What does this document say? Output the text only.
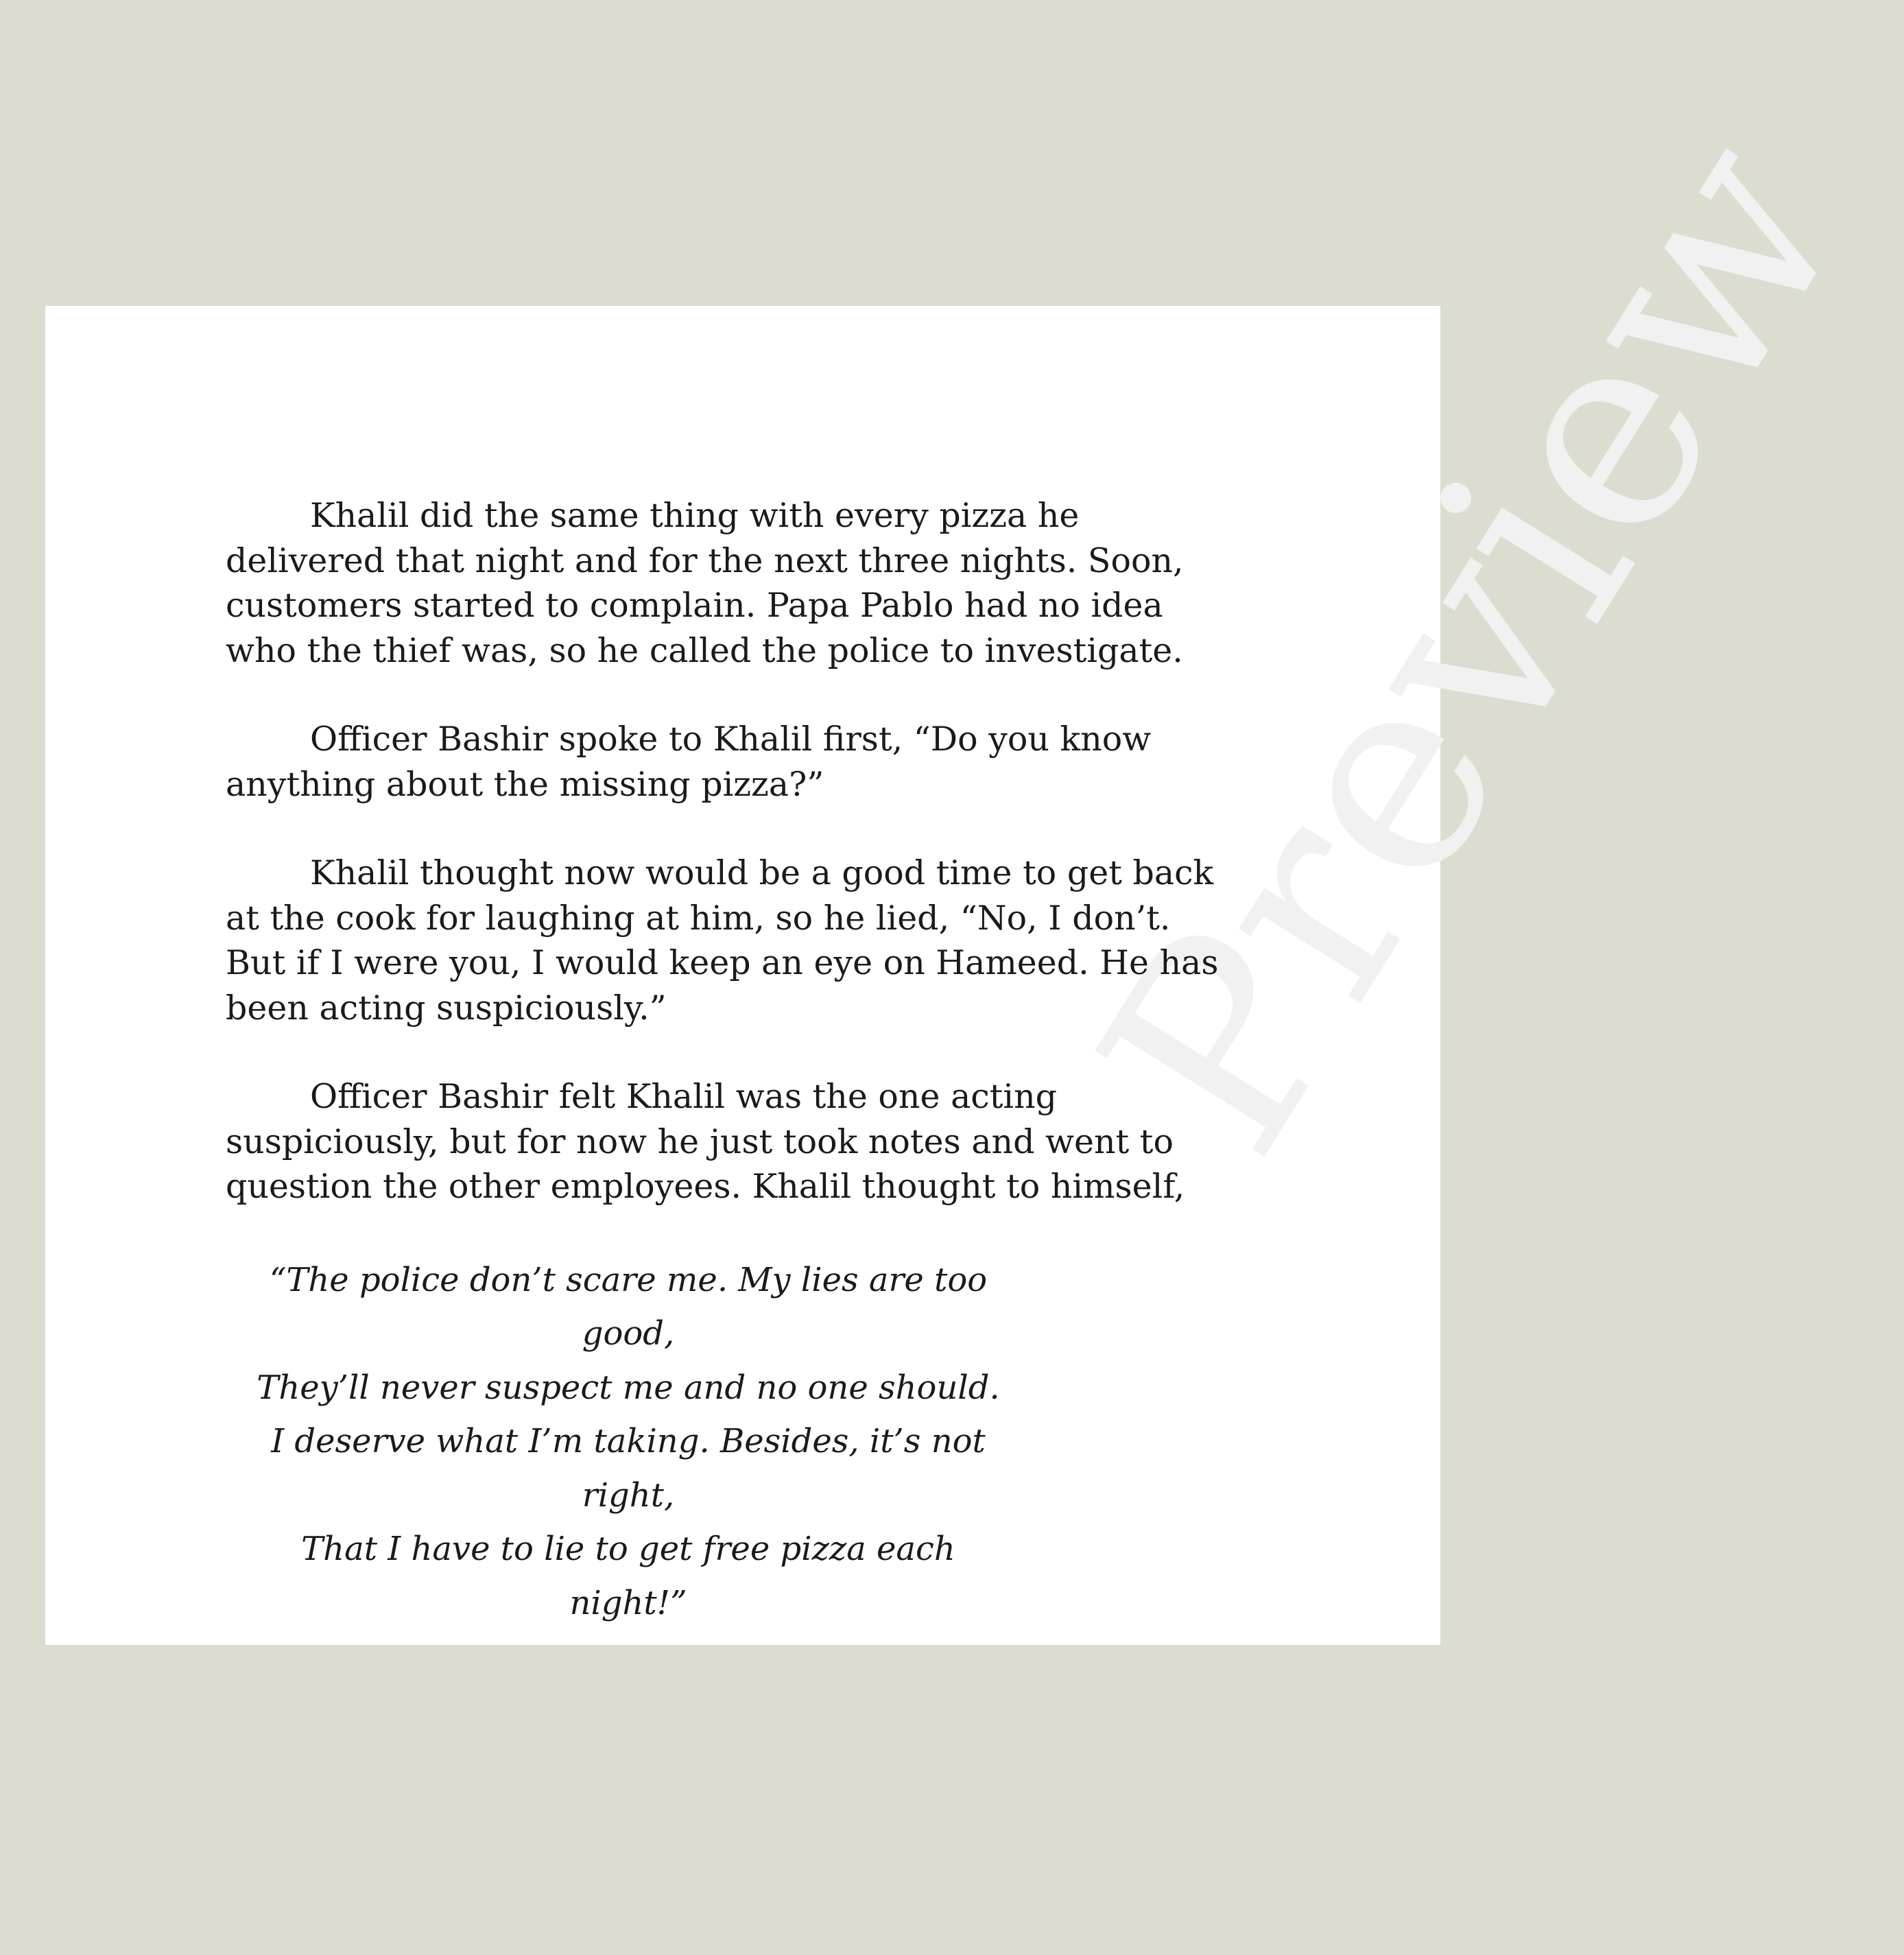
Preview

Khalil did the same thing with every pizza he delivered that night and for the next three nights. Soon, customers started to complain. Papa Pablo had no idea who the thief was, so he called the police to investigate.

Officer Bashir spoke to Khalil first, “Do you know anything about the missing pizza?”

Khalil thought now would be a good time to get back at the cook for laughing at him, so he lied, “No, I don’t. But if I were you, I would keep an eye on Hameed. He has been acting suspiciously.”

Officer Bashir felt Khalil was the one acting suspiciously, but for now he just took notes and went to question the other employees. Khalil thought to himself,

“The police don’t scare me. My lies are too good,
They’ll never suspect me and no one should.
I deserve what I’m taking. Besides, it’s not right,
That I have to lie to get free pizza each night!”
